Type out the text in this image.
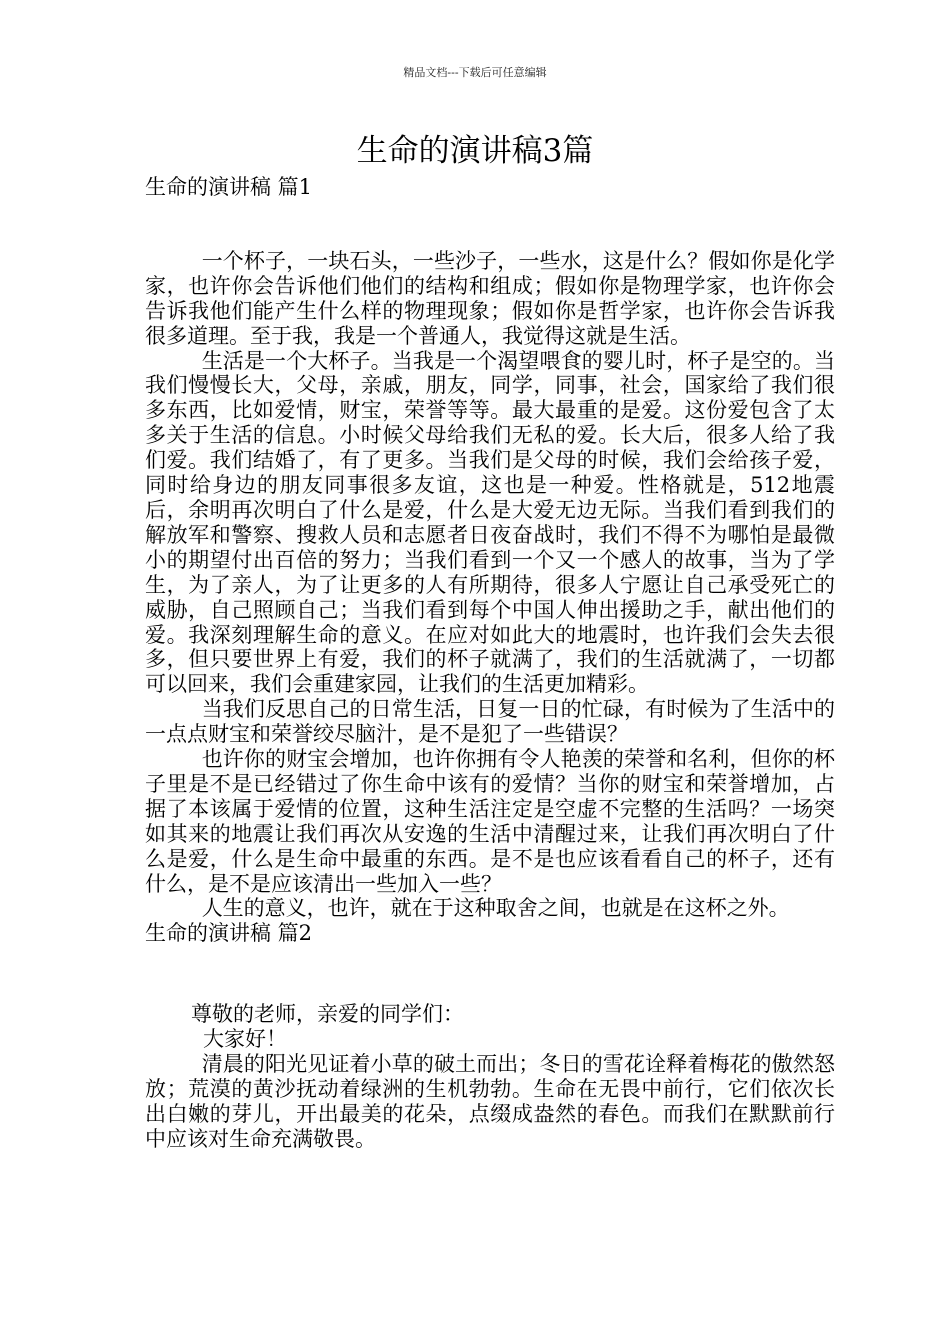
精品文档---下载后可任意编辑
生命的演讲稿3篇
生命的演讲稿 篇1

一个杯子，一块石头，一些沙子，一些水，这是什么？假如你是化学家，也许你会告诉他们他们的结构和组成；假如你是物理学家，也许你会告诉我他们能产生什么样的物理现象；假如你是哲学家，也许你会告诉我很多道理。至于我，我是一个普通人，我觉得这就是生活。

生活是一个大杯子。当我是一个渴望喂食的婴儿时，杯子是空的。当我们慢慢长大，父母，亲戚，朋友，同学，同事，社会，国家给了我们很多东西，比如爱情，财宝，荣誉等等。最大最重的是爱。这份爱包含了太多关于生活的信息。小时候父母给我们无私的爱。长大后，很多人给了我们爱。我们结婚了，有了更多。当我们是父母的时候，我们会给孩子爱，同时给身边的朋友同事很多友谊，这也是一种爱。性格就是，512地震后，余明再次明白了什么是爱，什么是大爱无边无际。当我们看到我们的解放军和警察、搜救人员和志愿者日夜奋战时，我们不得不为哪怕是最微小的期望付出百倍的努力；当我们看到一个又一个感人的故事，当为了学生，为了亲人，为了让更多的人有所期待，很多人宁愿让自己承受死亡的威胁，自己照顾自己；当我们看到每个中国人伸出援助之手，献出他们的爱。我深刻理解生命的意义。在应对如此大的地震时，也许我们会失去很多，但只要世界上有爱，我们的杯子就满了，我们的生活就满了，一切都可以回来，我们会重建家园，让我们的生活更加精彩。

当我们反思自己的日常生活，日复一日的忙碌，有时候为了生活中的一点点财宝和荣誉绞尽脑汁，是不是犯了一些错误？

也许你的财宝会增加，也许你拥有令人艳羡的荣誉和名利，但你的杯子里是不是已经错过了你生命中该有的爱情？当你的财宝和荣誉增加，占据了本该属于爱情的位置，这种生活注定是空虚不完整的生活吗？一场突如其来的地震让我们再次从安逸的生活中清醒过来，让我们再次明白了什么是爱，什么是生命中最重的东西。是不是也应该看看自己的杯子，还有什么，是不是应该清出一些加入一些？

人生的意义，也许，就在于这种取舍之间，也就是在这杯之外。

生命的演讲稿 篇2

尊敬的老师，亲爱的同学们：

大家好！

清晨的阳光见证着小草的破土而出；冬日的雪花诠释着梅花的傲然怒放；荒漠的黄沙抚动着绿洲的生机勃勃。生命在无畏中前行，它们依次长出白嫩的芽儿，开出最美的花朵，点缀成盎然的春色。而我们在默默前行中应该对生命充满敬畏。
